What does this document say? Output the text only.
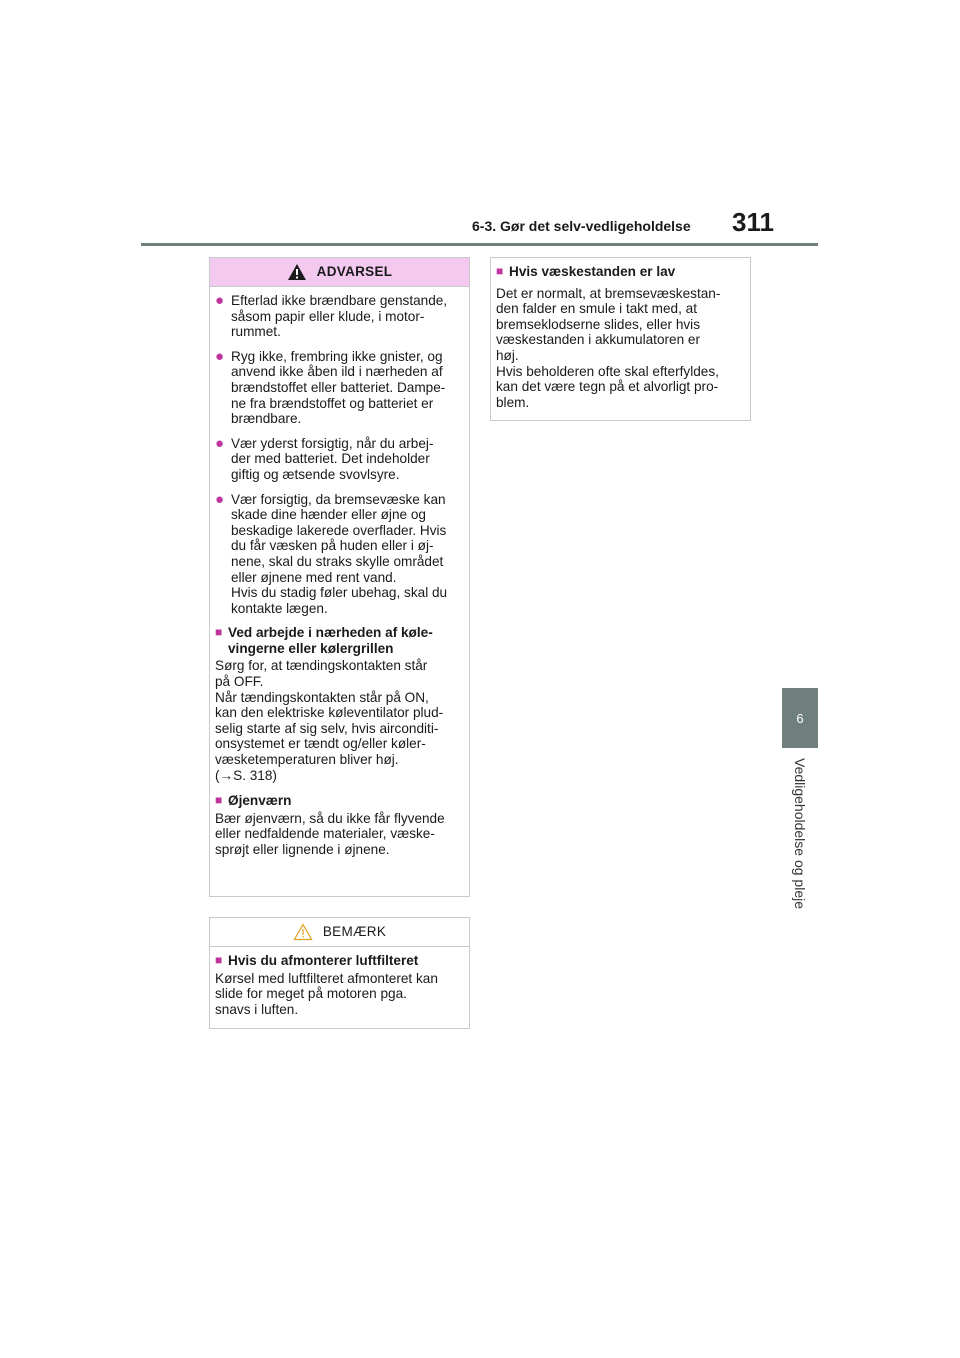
6-3. Gør det selv-vedligeholdelse 311
6
Vedligeholdelse og pleje
ADVARSEL
● Efterlad ikke brændbare genstande,
såsom papir eller klude, i motor-
rummet.
● Ryg ikke, frembring ikke gnister, og
anvend ikke åben ild i nærheden af
brændstoffet eller batteriet. Dampe-
ne fra brændstoffet og batteriet er
brændbare.
● Vær yderst forsigtig, når du arbej-
der med batteriet. Det indeholder
giftig og ætsende svovlsyre.
● Vær forsigtig, da bremsevæske kan
skade dine hænder eller øjne og
beskadige lakerede overflader. Hvis
du får væsken på huden eller i øj-
nene, skal du straks skylle området
eller øjnene med rent vand.
Hvis du stadig føler ubehag, skal du
kontakte lægen.
■ Ved arbejde i nærheden af køle-
vingerne eller kølergrillen
Sørg for, at tændingskontakten står
på OFF.
Når tændingskontakten står på ON,
kan den elektriske køleventilator plud-
selig starte af sig selv, hvis airconditi-
onsystemet er tændt og/eller køler-
væsketemperaturen bliver høj.
(→S. 318)
■ Øjenværn
Bær øjenværn, så du ikke får flyvende
eller nedfaldende materialer, væske-
sprøjt eller lignende i øjnene.
BEMÆRK
■ Hvis du afmonterer luftfilteret
Kørsel med luftfilteret afmonteret kan
slide for meget på motoren pga.
snavs i luften.
■ Hvis væskestanden er lav
Det er normalt, at bremsevæskestan-
den falder en smule i takt med, at
bremseklodserne slides, eller hvis
væskestanden i akkumulatoren er
høj.
Hvis beholderen ofte skal efterfyldes,
kan det være tegn på et alvorligt pro-
blem.
